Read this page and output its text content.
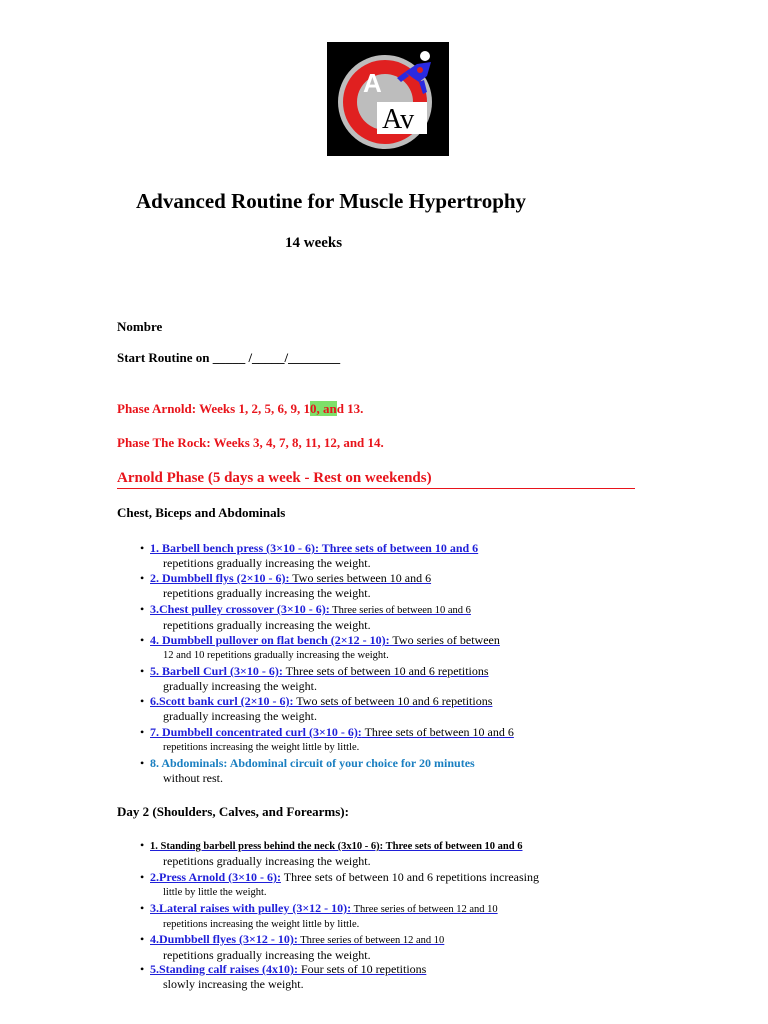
A
Av
Advanced Routine for Muscle Hypertrophy
14 weeks
Nombre
Start Routine on _____ /_____/________
Phase Arnold: Weeks 1, 2, 5, 6, 9, 10, and 13.
Phase The Rock: Weeks 3, 4, 7, 8, 11, 12, and 14.
Arnold Phase (5 days a week - Rest on weekends)
Chest, Biceps and Abdominals
• 1. Barbell bench press (3×10 - 6): Three sets of between 10 and 6
repetitions gradually increasing the weight.
• 2. Dumbbell flys (2×10 - 6): Two series between 10 and 6
repetitions gradually increasing the weight.
• 3.Chest pulley crossover (3×10 - 6): Three series of between 10 and 6
repetitions gradually increasing the weight.
• 4. Dumbbell pullover on flat bench (2×12 - 10): Two series of between
12 and 10 repetitions gradually increasing the weight.
• 5. Barbell Curl (3×10 - 6): Three sets of between 10 and 6 repetitions
gradually increasing the weight.
• 6.Scott bank curl (2×10 - 6): Two sets of between 10 and 6 repetitions
gradually increasing the weight.
• 7. Dumbbell concentrated curl (3×10 - 6): Three sets of between 10 and 6
repetitions increasing the weight little by little.
• 8. Abdominals: Abdominal circuit of your choice for 20 minutes
without rest.
Day 2 (Shoulders, Calves, and Forearms):
• 1. Standing barbell press behind the neck (3x10 - 6): Three sets of between 10 and 6
repetitions gradually increasing the weight.
• 2.Press Arnold (3×10 - 6): Three sets of between 10 and 6 repetitions increasing
little by little the weight.
• 3.Lateral raises with pulley (3×12 - 10): Three series of between 12 and 10
repetitions increasing the weight little by little.
• 4.Dumbbell flyes (3×12 - 10): Three series of between 12 and 10
repetitions gradually increasing the weight.
• 5.Standing calf raises (4x10): Four sets of 10 repetitions
slowly increasing the weight.
